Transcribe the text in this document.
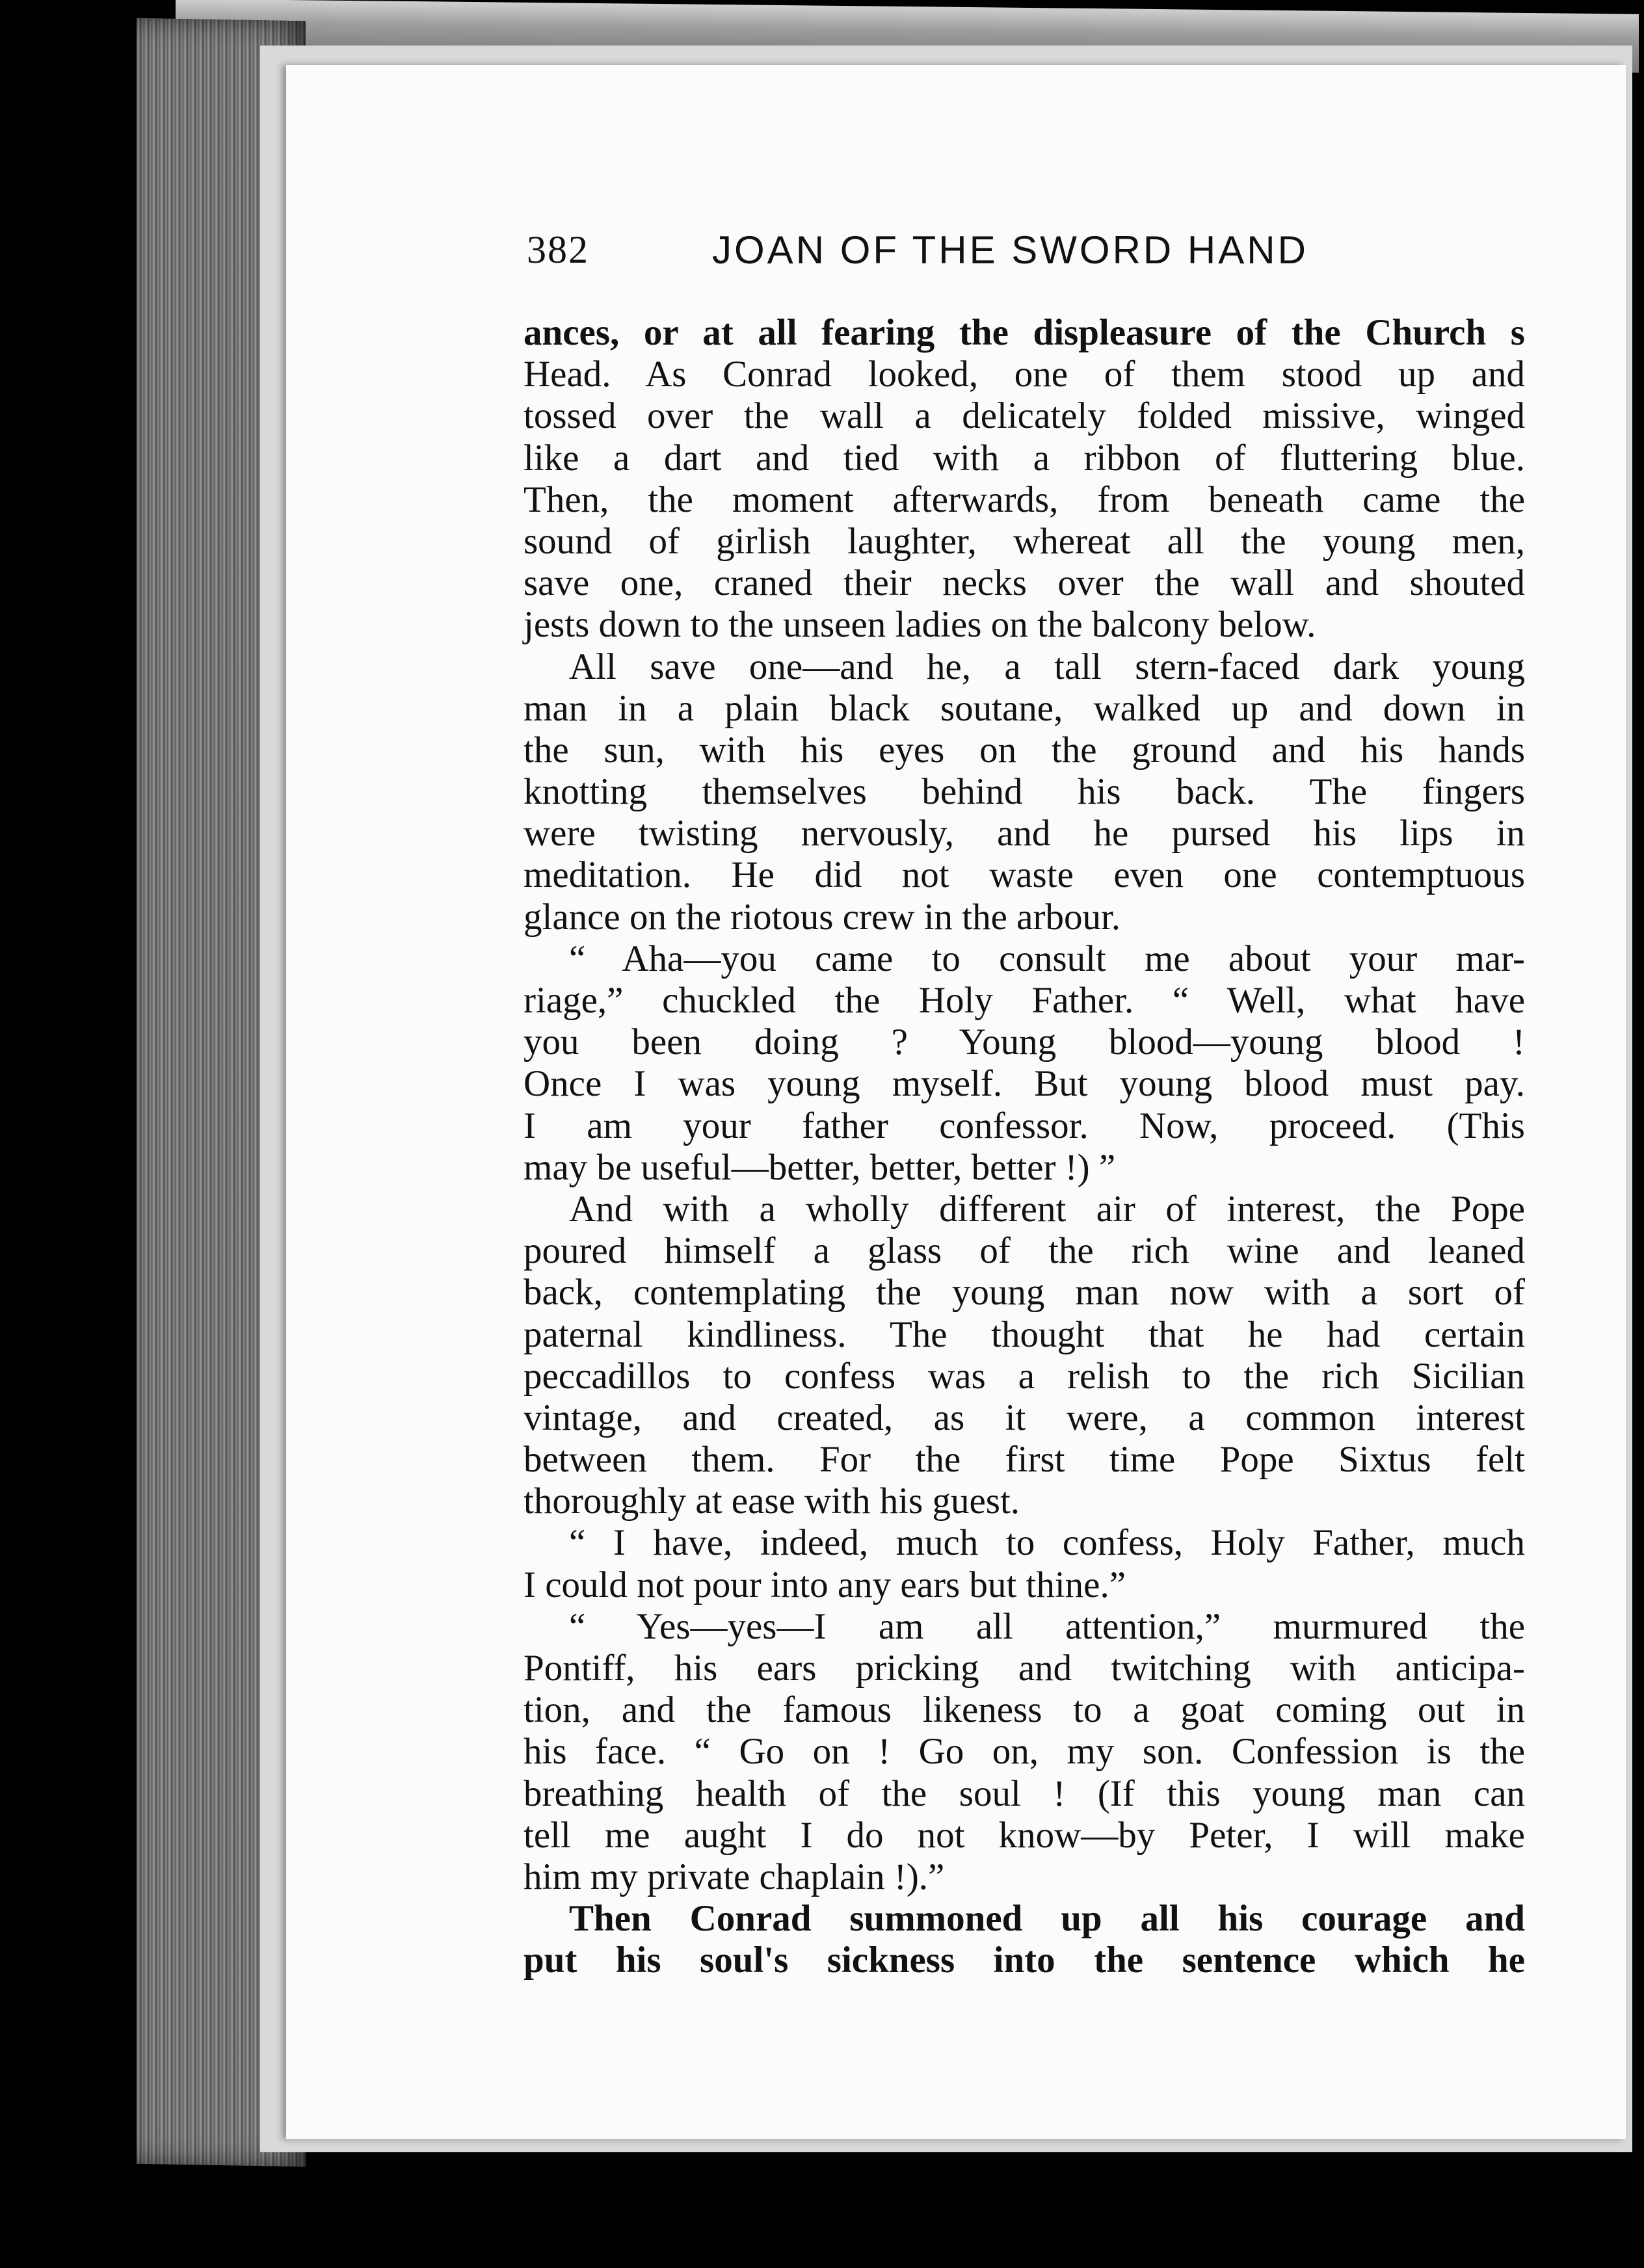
382	JOAN OF THE SWORD HAND
ances, or at all fearing the displeasure of the Church s
Head. As Conrad looked, one of them stood up and
tossed over the wall a delicately folded missive, winged
like a dart and tied with a ribbon of fluttering blue.
Then, the moment afterwards, from beneath came the
sound of girlish laughter, whereat all the young men,
save one, craned their necks over the wall and shouted
jests down to the unseen ladies on the balcony below.
All save one—and he, a tall stern-faced dark young
man in a plain black soutane, walked up and down in
the sun, with his eyes on the ground and his hands
knotting themselves behind his back. The fingers
were twisting nervously, and he pursed his lips in
meditation. He did not waste even one contemptuous
glance on the riotous crew in the arbour.
“ Aha—you came to consult me about your mar-
riage,” chuckled the Holy Father. “ Well, what have
you been doing ? Young blood—young blood !
Once I was young myself. But young blood must pay.
I am your father confessor. Now, proceed. (This
may be useful—better, better, better !) ”
And with a wholly different air of interest, the Pope
poured himself a glass of the rich wine and leaned
back, contemplating the young man now with a sort of
paternal kindliness. The thought that he had certain
peccadillos to confess was a relish to the rich Sicilian
vintage, and created, as it were, a common interest
between them. For the first time Pope Sixtus felt
thoroughly at ease with his guest.
“ I have, indeed, much to confess, Holy Father, much
I could not pour into any ears but thine.”
“ Yes—yes—I am all attention,” murmured the
Pontiff, his ears pricking and twitching with anticipa-
tion, and the famous likeness to a goat coming out in
his face. “ Go on ! Go on, my son. Confession is the
breathing health of the soul ! (If this young man can
tell me aught I do not know—by Peter, I will make
him my private chaplain !).”
Then Conrad summoned up all his courage and
put his soul's sickness into the sentence which he
